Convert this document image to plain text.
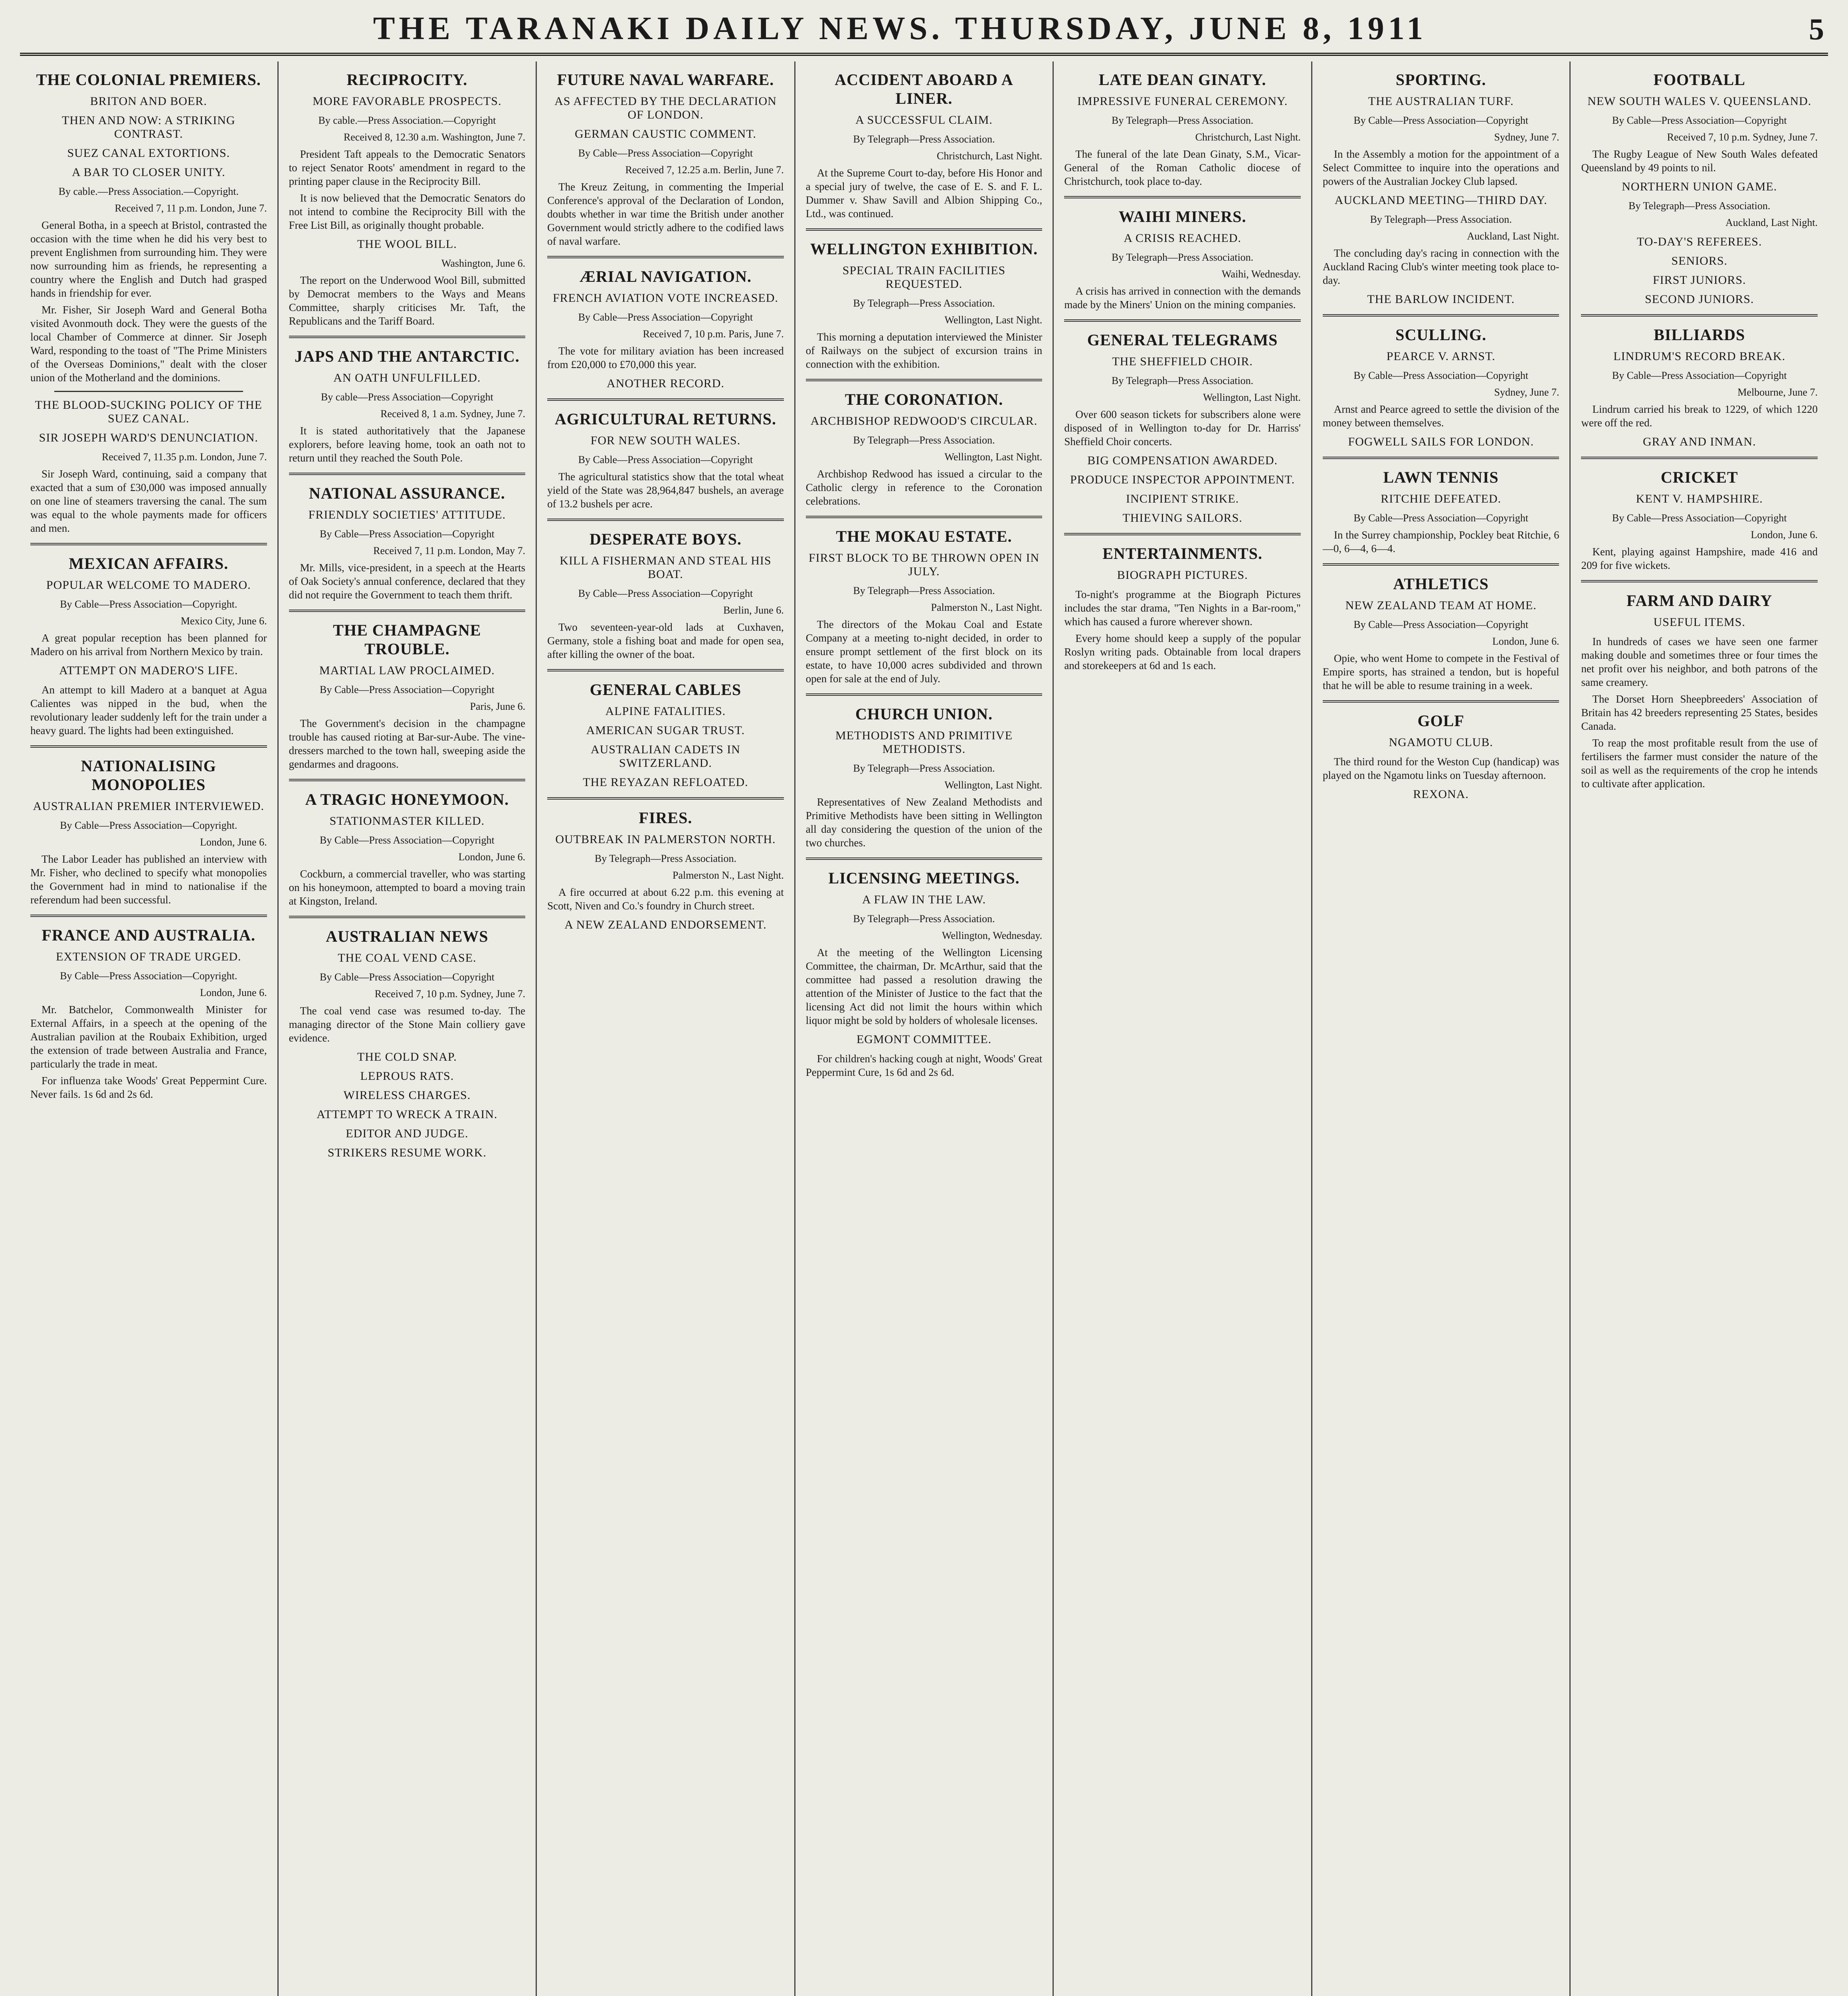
THE TARANAKI DAILY NEWS. THURSDAY, JUNE 8, 1911	5
THE COLONIAL PREMIERS.
BRITON AND BOER.
THEN AND NOW: A STRIKING CONTRAST.
SUEZ CANAL EXTORTIONS.
A BAR TO CLOSER UNITY.

By cable.—Press Association.—Copyright.

Received 7, 11 p.m. London, June 7.

General Botha, in a speech at Bristol, contrasted the occasion with the time when he did his very best to prevent Englishmen from surrounding him. They were now surrounding him as friends, he representing a country where the English and Dutch had grasped hands in friendship for ever.

Mr. Fisher, Sir Joseph Ward and General Botha visited Avonmouth dock. They were the guests of the local Chamber of Commerce at dinner. Sir Joseph Ward, responding to the toast of "The Prime Ministers of the Overseas Dominions," dealt with the closer union of the Motherland and the dominions.

THE BLOOD-SUCKING POLICY OF THE SUEZ CANAL.
SIR JOSEPH WARD'S DENUNCIATION.

Received 7, 11.35 p.m. London, June 7.

Sir Joseph Ward, continuing, said a company that exacted that a sum of £30,000 was imposed annually on one line of steamers traversing the canal. The sum was equal to the whole payments made for officers and men.

MEXICAN AFFAIRS.
POPULAR WELCOME TO MADERO.

By Cable—Press Association—Copyright.

Mexico City, June 6.

A great popular reception has been planned for Madero on his arrival from Northern Mexico by train.

ATTEMPT ON MADERO'S LIFE.

An attempt to kill Madero at a banquet at Agua Calientes was nipped in the bud, when the revolutionary leader suddenly left for the train under a heavy guard. The lights had been extinguished.

NATIONALISING MONOPOLIES
AUSTRALIAN PREMIER INTERVIEWED.

By Cable—Press Association—Copyright.

London, June 6.

The Labor Leader has published an interview with Mr. Fisher, who declined to specify what monopolies the Government had in mind to nationalise if the referendum had been successful.

FRANCE AND AUSTRALIA.
EXTENSION OF TRADE URGED.

By Cable—Press Association—Copyright.

London, June 6.

Mr. Batchelor, Commonwealth Minister for External Affairs, in a speech at the opening of the Australian pavilion at the Roubaix Exhibition, urged the extension of trade between Australia and France, particularly the trade in meat.

For influenza take Woods' Great Peppermint Cure. Never fails. 1s 6d and 2s 6d.

RECIPROCITY.
MORE FAVORABLE PROSPECTS.

By cable.—Press Association.—Copyright

Received 8, 12.30 a.m. Washington, June 7.

President Taft appeals to the Democratic Senators to reject Senator Roots' amendment in regard to the printing paper clause in the Reciprocity Bill.

It is now believed that the Democratic Senators do not intend to combine the Reciprocity Bill with the Free List Bill, as originally thought probable.

THE WOOL BILL.

Washington, June 6.

The report on the Underwood Wool Bill, submitted by Democrat members to the Ways and Means Committee, sharply criticises Mr. Taft, the Republicans and the Tariff Board.

JAPS AND THE ANTARCTIC.
AN OATH UNFULFILLED.

By cable—Press Association—Copyright

Received 8, 1 a.m. Sydney, June 7.

It is stated authoritatively that the Japanese explorers, before leaving home, took an oath not to return until they reached the South Pole.

NATIONAL ASSURANCE.
FRIENDLY SOCIETIES' ATTITUDE.

By Cable—Press Association—Copyright

Received 7, 11 p.m. London, May 7.

Mr. Mills, vice-president, in a speech at the Hearts of Oak Society's annual conference, declared that they did not require the Government to teach them thrift.

THE CHAMPAGNE TROUBLE.
MARTIAL LAW PROCLAIMED.

By Cable—Press Association—Copyright

Paris, June 6.

The Government's decision in the champagne trouble has caused rioting at Bar-sur-Aube. The vine-dressers marched to the town hall, sweeping aside the gendarmes and dragoons.

A TRAGIC HONEYMOON.
STATIONMASTER KILLED.

By Cable—Press Association—Copyright

London, June 6.

Cockburn, a commercial traveller, who was starting on his honeymoon, attempted to board a moving train at Kingston, Ireland.

AUSTRALIAN NEWS
THE COAL VEND CASE.

By Cable—Press Association—Copyright

Received 7, 10 p.m. Sydney, June 7.

The coal vend case was resumed to-day. The managing director of the Stone Main colliery gave evidence.

THE COLD SNAP.
LEPROUS RATS.
WIRELESS CHARGES.
ATTEMPT TO WRECK A TRAIN.
EDITOR AND JUDGE.
STRIKERS RESUME WORK.
FUTURE NAVAL WARFARE.
AS AFFECTED BY THE DECLARATION OF LONDON.
GERMAN CAUSTIC COMMENT.

By Cable—Press Association—Copyright

Received 7, 12.25 a.m. Berlin, June 7.

The Kreuz Zeitung, in commenting the Imperial Conference's approval of the Declaration of London, doubts whether in war time the British under another Government would strictly adhere to the codified laws of naval warfare.

ÆRIAL NAVIGATION.
FRENCH AVIATION VOTE INCREASED.

By Cable—Press Association—Copyright

Received 7, 10 p.m. Paris, June 7.

The vote for military aviation has been increased from £20,000 to £70,000 this year.

ANOTHER RECORD.
AGRICULTURAL RETURNS.
FOR NEW SOUTH WALES.

By Cable—Press Association—Copyright

The agricultural statistics show that the total wheat yield of the State was 28,964,847 bushels, an average of 13.2 bushels per acre.

DESPERATE BOYS.
KILL A FISHERMAN AND STEAL HIS BOAT.

By Cable—Press Association—Copyright

Berlin, June 6.

Two seventeen-year-old lads at Cuxhaven, Germany, stole a fishing boat and made for open sea, after killing the owner of the boat.

GENERAL CABLES
ALPINE FATALITIES.
AMERICAN SUGAR TRUST.
AUSTRALIAN CADETS IN SWITZERLAND.
THE REYAZAN REFLOATED.
FIRES.
OUTBREAK IN PALMERSTON NORTH.

By Telegraph—Press Association.

Palmerston N., Last Night.

A fire occurred at about 6.22 p.m. this evening at Scott, Niven and Co.'s foundry in Church street.

A NEW ZEALAND ENDORSEMENT.
ACCIDENT ABOARD A LINER.
A SUCCESSFUL CLAIM.

By Telegraph—Press Association.

Christchurch, Last Night.

At the Supreme Court to-day, before His Honor and a special jury of twelve, the case of E. S. and F. L. Dummer v. Shaw Savill and Albion Shipping Co., Ltd., was continued.

WELLINGTON EXHIBITION.
SPECIAL TRAIN FACILITIES REQUESTED.

By Telegraph—Press Association.

Wellington, Last Night.

This morning a deputation interviewed the Minister of Railways on the subject of excursion trains in connection with the exhibition.

THE CORONATION.
ARCHBISHOP REDWOOD'S CIRCULAR.

By Telegraph—Press Association.

Wellington, Last Night.

Archbishop Redwood has issued a circular to the Catholic clergy in reference to the Coronation celebrations.

THE MOKAU ESTATE.
FIRST BLOCK TO BE THROWN OPEN IN JULY.

By Telegraph—Press Association.

Palmerston N., Last Night.

The directors of the Mokau Coal and Estate Company at a meeting to-night decided, in order to ensure prompt settlement of the first block on its estate, to have 10,000 acres subdivided and thrown open for sale at the end of July.

CHURCH UNION.
METHODISTS AND PRIMITIVE METHODISTS.

By Telegraph—Press Association.

Wellington, Last Night.

Representatives of New Zealand Methodists and Primitive Methodists have been sitting in Wellington all day considering the question of the union of the two churches.

LICENSING MEETINGS.
A FLAW IN THE LAW.

By Telegraph—Press Association.

Wellington, Wednesday.

At the meeting of the Wellington Licensing Committee, the chairman, Dr. McArthur, said that the committee had passed a resolution drawing the attention of the Minister of Justice to the fact that the licensing Act did not limit the hours within which liquor might be sold by holders of wholesale licenses.

EGMONT COMMITTEE.

For children's hacking cough at night, Woods' Great Peppermint Cure, 1s 6d and 2s 6d.

LATE DEAN GINATY.
IMPRESSIVE FUNERAL CEREMONY.

By Telegraph—Press Association.

Christchurch, Last Night.

The funeral of the late Dean Ginaty, S.M., Vicar-General of the Roman Catholic diocese of Christchurch, took place to-day.

WAIHI MINERS.
A CRISIS REACHED.

By Telegraph—Press Association.

Waihi, Wednesday.

A crisis has arrived in connection with the demands made by the Miners' Union on the mining companies.

GENERAL TELEGRAMS
THE SHEFFIELD CHOIR.

By Telegraph—Press Association.

Wellington, Last Night.

Over 600 season tickets for subscribers alone were disposed of in Wellington to-day for Dr. Harriss' Sheffield Choir concerts.

BIG COMPENSATION AWARDED.
PRODUCE INSPECTOR APPOINTMENT.
INCIPIENT STRIKE.
THIEVING SAILORS.
ENTERTAINMENTS.
BIOGRAPH PICTURES.

To-night's programme at the Biograph Pictures includes the star drama, "Ten Nights in a Bar-room," which has caused a furore wherever shown.

Every home should keep a supply of the popular Roslyn writing pads. Obtainable from local drapers and storekeepers at 6d and 1s each.

SPORTING.
THE AUSTRALIAN TURF.

By Cable—Press Association—Copyright

Sydney, June 7.

In the Assembly a motion for the appointment of a Select Committee to inquire into the operations and powers of the Australian Jockey Club lapsed.

AUCKLAND MEETING—THIRD DAY.

By Telegraph—Press Association.

Auckland, Last Night.

The concluding day's racing in connection with the Auckland Racing Club's winter meeting took place to-day.

THE BARLOW INCIDENT.
SCULLING.
PEARCE V. ARNST.

By Cable—Press Association—Copyright

Sydney, June 7.

Arnst and Pearce agreed to settle the division of the money between themselves.

FOGWELL SAILS FOR LONDON.
LAWN TENNIS
RITCHIE DEFEATED.

By Cable—Press Association—Copyright

In the Surrey championship, Pockley beat Ritchie, 6—0, 6—4, 6—4.

ATHLETICS
NEW ZEALAND TEAM AT HOME.

By Cable—Press Association—Copyright

London, June 6.

Opie, who went Home to compete in the Festival of Empire sports, has strained a tendon, but is hopeful that he will be able to resume training in a week.

GOLF
NGAMOTU CLUB.

The third round for the Weston Cup (handicap) was played on the Ngamotu links on Tuesday afternoon.

REXONA.
FOOTBALL
NEW SOUTH WALES V. QUEENSLAND.

By Cable—Press Association—Copyright

Received 7, 10 p.m. Sydney, June 7.

The Rugby League of New South Wales defeated Queensland by 49 points to nil.

NORTHERN UNION GAME.

By Telegraph—Press Association.

Auckland, Last Night.

TO-DAY'S REFEREES.
SENIORS.
FIRST JUNIORS.
SECOND JUNIORS.
BILLIARDS
LINDRUM'S RECORD BREAK.

By Cable—Press Association—Copyright

Melbourne, June 7.

Lindrum carried his break to 1229, of which 1220 were off the red.

GRAY AND INMAN.
CRICKET
KENT V. HAMPSHIRE.

By Cable—Press Association—Copyright

London, June 6.

Kent, playing against Hampshire, made 416 and 209 for five wickets.

FARM AND DAIRY
USEFUL ITEMS.

In hundreds of cases we have seen one farmer making double and sometimes three or four times the net profit over his neighbor, and both patrons of the same creamery.

The Dorset Horn Sheepbreeders' Association of Britain has 42 breeders representing 25 States, besides Canada.

To reap the most profitable result from the use of fertilisers the farmer must consider the nature of the soil as well as the requirements of the crop he intends to cultivate after application.
